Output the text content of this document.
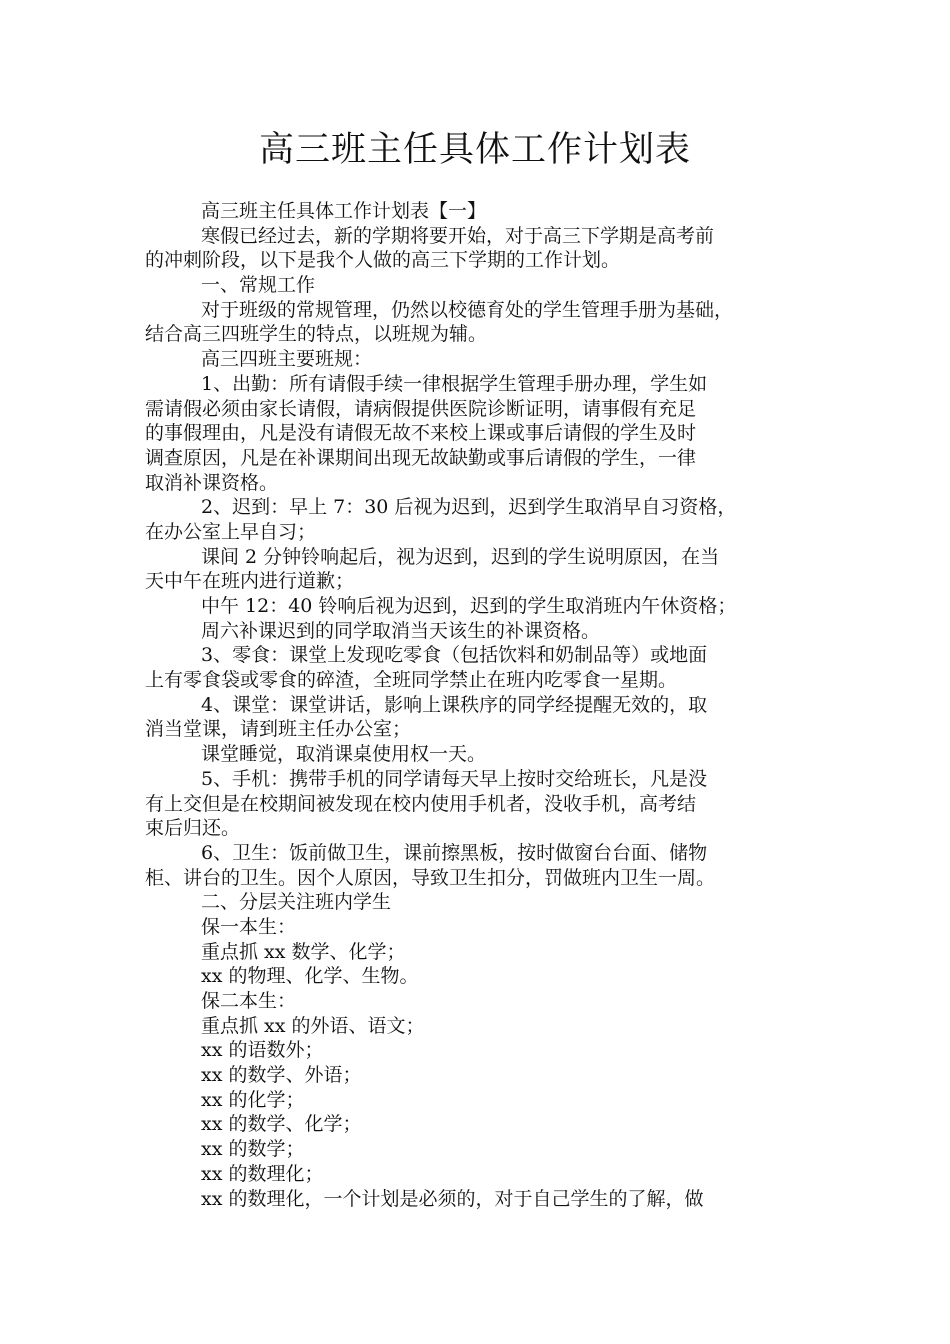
高三班主任具体工作计划表
高三班主任具体工作计划表【一】
寒假已经过去，新的学期将要开始，对于高三下学期是高考前
的冲刺阶段，以下是我个人做的高三下学期的工作计划。
一、常规工作
对于班级的常规管理，仍然以校德育处的学生管理手册为基础，
结合高三四班学生的特点，以班规为辅。
高三四班主要班规：
1、出勤：所有请假手续一律根据学生管理手册办理，学生如
需请假必须由家长请假，请病假提供医院诊断证明，请事假有充足
的事假理由，凡是没有请假无故不来校上课或事后请假的学生及时
调查原因，凡是在补课期间出现无故缺勤或事后请假的学生，一律
取消补课资格。
2、迟到：早上 7：30 后视为迟到，迟到学生取消早自习资格，
在办公室上早自习；
课间 2 分钟铃响起后，视为迟到，迟到的学生说明原因，在当
天中午在班内进行道歉；
中午 12：40 铃响后视为迟到，迟到的学生取消班内午休资格；
周六补课迟到的同学取消当天该生的补课资格。
3、零食：课堂上发现吃零食（包括饮料和奶制品等）或地面
上有零食袋或零食的碎渣，全班同学禁止在班内吃零食一星期。
4、课堂：课堂讲话，影响上课秩序的同学经提醒无效的，取
消当堂课，请到班主任办公室；
课堂睡觉，取消课桌使用权一天。
5、手机：携带手机的同学请每天早上按时交给班长，凡是没
有上交但是在校期间被发现在校内使用手机者，没收手机，高考结
束后归还。
6、卫生：饭前做卫生，课前擦黑板，按时做窗台台面、储物
柜、讲台的卫生。因个人原因，导致卫生扣分，罚做班内卫生一周。
二、分层关注班内学生
保一本生：
重点抓 xx 数学、化学；
xx 的物理、化学、生物。
保二本生：
重点抓 xx 的外语、语文；
xx 的语数外；
xx 的数学、外语；
xx 的化学；
xx 的数学、化学；
xx 的数学；
xx 的数理化；
xx 的数理化，一个计划是必须的，对于自己学生的了解，做
